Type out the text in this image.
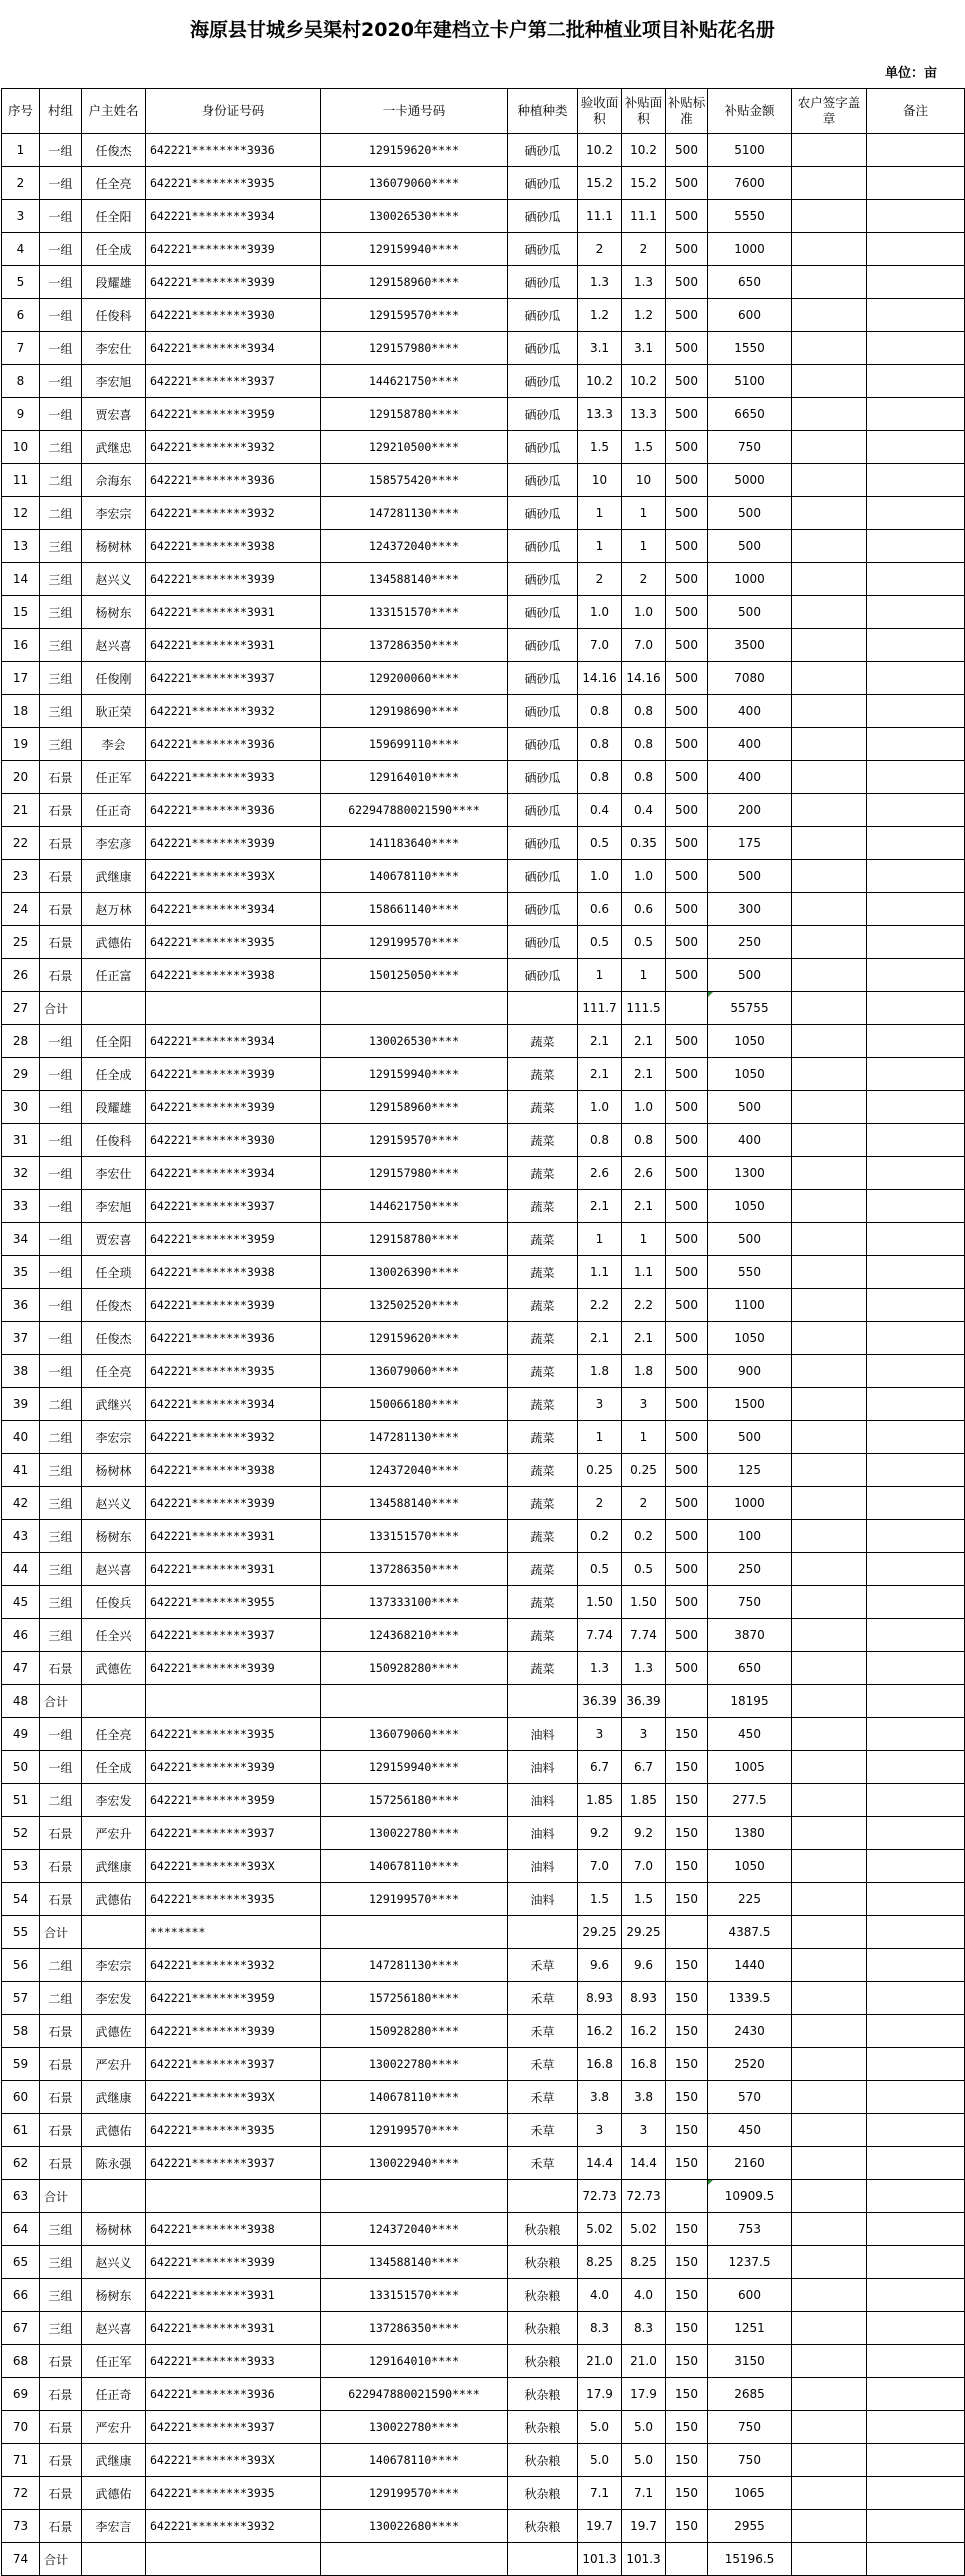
海原县甘城乡吴渠村2020年建档立卡户第二批种植业项目补贴花名册
单位：亩
序号	村组	户主姓名	身份证号码	一卡通号码	种植种类	验收面积	补贴面积	补贴标准	补贴金额	农户签字盖章	备注
1	一组	任俊杰	642221********3936	129159620****	硒砂瓜	10.2	10.2	500	5100		
2	一组	任全亮	642221********3935	136079060****	硒砂瓜	15.2	15.2	500	7600		
3	一组	任全阳	642221********3934	130026530****	硒砂瓜	11.1	11.1	500	5550		
4	一组	任全成	642221********3939	129159940****	硒砂瓜	2	2	500	1000		
5	一组	段耀雄	642221********3939	129158960****	硒砂瓜	1.3	1.3	500	650		
6	一组	任俊科	642221********3930	129159570****	硒砂瓜	1.2	1.2	500	600		
7	一组	李宏仕	642221********3934	129157980****	硒砂瓜	3.1	3.1	500	1550		
8	一组	李宏旭	642221********3937	144621750****	硒砂瓜	10.2	10.2	500	5100		
9	一组	贾宏喜	642221********3959	129158780****	硒砂瓜	13.3	13.3	500	6650		
10	二组	武继忠	642221********3932	129210500****	硒砂瓜	1.5	1.5	500	750		
11	二组	佘海东	642221********3936	158575420****	硒砂瓜	10	10	500	5000		
12	二组	李宏宗	642221********3932	147281130****	硒砂瓜	1	1	500	500		
13	三组	杨树林	642221********3938	124372040****	硒砂瓜	1	1	500	500		
14	三组	赵兴义	642221********3939	134588140****	硒砂瓜	2	2	500	1000		
15	三组	杨树东	642221********3931	133151570****	硒砂瓜	1.0	1.0	500	500		
16	三组	赵兴喜	642221********3931	137286350****	硒砂瓜	7.0	7.0	500	3500		
17	三组	任俊刚	642221********3937	129200060****	硒砂瓜	14.16	14.16	500	7080		
18	三组	耿正荣	642221********3932	129198690****	硒砂瓜	0.8	0.8	500	400		
19	三组	李会	642221********3936	159699110****	硒砂瓜	0.8	0.8	500	400		
20	石景	任正军	642221********3933	129164010****	硒砂瓜	0.8	0.8	500	400		
21	石景	任正奇	642221********3936	622947880021590****	硒砂瓜	0.4	0.4	500	200		
22	石景	李宏彦	642221********3939	141183640****	硒砂瓜	0.5	0.35	500	175		
23	石景	武继康	642221********393X	140678110****	硒砂瓜	1.0	1.0	500	500		
24	石景	赵万林	642221********3934	158661140****	硒砂瓜	0.6	0.6	500	300		
25	石景	武德佑	642221********3935	129199570****	硒砂瓜	0.5	0.5	500	250		
26	石景	任正富	642221********3938	150125050****	硒砂瓜	1	1	500	500		
27	合计					111.7	111.5		55755		
28	一组	任全阳	642221********3934	130026530****	蔬菜	2.1	2.1	500	1050		
29	一组	任全成	642221********3939	129159940****	蔬菜	2.1	2.1	500	1050		
30	一组	段耀雄	642221********3939	129158960****	蔬菜	1.0	1.0	500	500		
31	一组	任俊科	642221********3930	129159570****	蔬菜	0.8	0.8	500	400		
32	一组	李宏仕	642221********3934	129157980****	蔬菜	2.6	2.6	500	1300		
33	一组	李宏旭	642221********3937	144621750****	蔬菜	2.1	2.1	500	1050		
34	一组	贾宏喜	642221********3959	129158780****	蔬菜	1	1	500	500		
35	一组	任全琐	642221********3938	130026390****	蔬菜	1.1	1.1	500	550		
36	一组	任俊杰	642221********3939	132502520****	蔬菜	2.2	2.2	500	1100		
37	一组	任俊杰	642221********3936	129159620****	蔬菜	2.1	2.1	500	1050		
38	一组	任全亮	642221********3935	136079060****	蔬菜	1.8	1.8	500	900		
39	二组	武继兴	642221********3934	150066180****	蔬菜	3	3	500	1500		
40	二组	李宏宗	642221********3932	147281130****	蔬菜	1	1	500	500		
41	三组	杨树林	642221********3938	124372040****	蔬菜	0.25	0.25	500	125		
42	三组	赵兴义	642221********3939	134588140****	蔬菜	2	2	500	1000		
43	三组	杨树东	642221********3931	133151570****	蔬菜	0.2	0.2	500	100		
44	三组	赵兴喜	642221********3931	137286350****	蔬菜	0.5	0.5	500	250		
45	三组	任俊兵	642221********3955	137333100****	蔬菜	1.50	1.50	500	750		
46	三组	任全兴	642221********3937	124368210****	蔬菜	7.74	7.74	500	3870		
47	石景	武德佐	642221********3939	150928280****	蔬菜	1.3	1.3	500	650		
48	合计					36.39	36.39		18195		
49	一组	任全亮	642221********3935	136079060****	油料	3	3	150	450		
50	一组	任全成	642221********3939	129159940****	油料	6.7	6.7	150	1005		
51	二组	李宏发	642221********3959	157256180****	油料	1.85	1.85	150	277.5		
52	石景	严宏升	642221********3937	130022780****	油料	9.2	9.2	150	1380		
53	石景	武继康	642221********393X	140678110****	油料	7.0	7.0	150	1050		
54	石景	武德佑	642221********3935	129199570****	油料	1.5	1.5	150	225		
55	合计		********			29.25	29.25		4387.5		
56	二组	李宏宗	642221********3932	147281130****	禾草	9.6	9.6	150	1440		
57	二组	李宏发	642221********3959	157256180****	禾草	8.93	8.93	150	1339.5		
58	石景	武德佐	642221********3939	150928280****	禾草	16.2	16.2	150	2430		
59	石景	严宏升	642221********3937	130022780****	禾草	16.8	16.8	150	2520		
60	石景	武继康	642221********393X	140678110****	禾草	3.8	3.8	150	570		
61	石景	武德佑	642221********3935	129199570****	禾草	3	3	150	450		
62	石景	陈永强	642221********3937	130022940****	禾草	14.4	14.4	150	2160		
63	合计					72.73	72.73		10909.5		
64	三组	杨树林	642221********3938	124372040****	秋杂粮	5.02	5.02	150	753		
65	三组	赵兴义	642221********3939	134588140****	秋杂粮	8.25	8.25	150	1237.5		
66	三组	杨树东	642221********3931	133151570****	秋杂粮	4.0	4.0	150	600		
67	三组	赵兴喜	642221********3931	137286350****	秋杂粮	8.3	8.3	150	1251		
68	石景	任正军	642221********3933	129164010****	秋杂粮	21.0	21.0	150	3150		
69	石景	任正奇	642221********3936	622947880021590****	秋杂粮	17.9	17.9	150	2685		
70	石景	严宏升	642221********3937	130022780****	秋杂粮	5.0	5.0	150	750		
71	石景	武继康	642221********393X	140678110****	秋杂粮	5.0	5.0	150	750		
72	石景	武德佑	642221********3935	129199570****	秋杂粮	7.1	7.1	150	1065		
73	石景	李宏言	642221********3932	130022680****	秋杂粮	19.7	19.7	150	2955		
74	合计					101.3	101.3		15196.5		
